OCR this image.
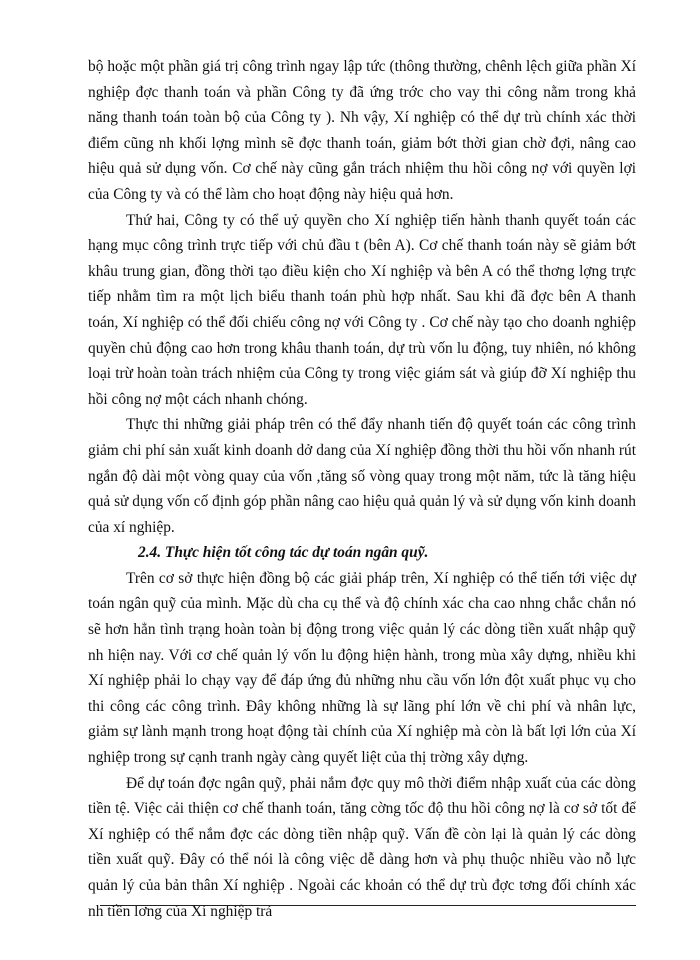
bộ hoặc một phần giá trị công trình ngay lập tức (thông thường, chênh lệch giữa phần Xí nghiệp đợc thanh toán và phần Công ty đã ứng trớc cho vay thi công nằm trong khả năng thanh toán toàn bộ của Công ty ). Nh vậy, Xí nghiệp có thể dự trù chính xác thời điểm cũng nh khối lợng mình sẽ đợc thanh toán, giảm bớt thời gian chờ đợi, nâng cao hiệu quả sử dụng vốn. Cơ chế này cũng gắn trách nhiệm thu hồi công nợ với quyền lợi của Công ty và có thể làm cho hoạt động này hiệu quả hơn.

Thứ hai, Công ty có thể uỷ quyền cho Xí nghiệp tiến hành thanh quyết toán các hạng mục công trình trực tiếp với chủ đầu t (bên A). Cơ chế thanh toán này sẽ giảm bớt khâu trung gian, đồng thời tạo điều kiện cho Xí nghiệp và bên A có thể thơng lợng trực tiếp nhằm tìm ra một lịch biểu thanh toán phù hợp nhất. Sau khi đã đợc bên A thanh toán, Xí nghiệp có thể đối chiếu công nợ với Công ty . Cơ chế này tạo cho doanh nghiệp quyền chủ động cao hơn trong khâu thanh toán, dự trù vốn lu động, tuy nhiên, nó không loại trừ hoàn toàn trách nhiệm của Công ty trong việc giám sát và giúp đỡ Xí nghiệp thu hồi công nợ một cách nhanh chóng.

Thực thi những giải pháp trên có thể đẩy nhanh tiến độ quyết toán các công trình giảm chi phí sản xuất kinh doanh dở dang của Xí nghiệp đồng thời thu hồi vốn nhanh rút ngắn độ dài một vòng quay của vốn ,tăng số vòng quay trong một năm, tức là tăng hiệu quả sử dụng vốn cố định góp phần nâng cao hiệu quả quản lý và sử dụng vốn kinh doanh của xí nghiệp.

2.4. Thực hiện tốt công tác dự toán ngân quỹ.

Trên cơ sở thực hiện đồng bộ các giải pháp trên, Xí nghiệp có thể tiến tới việc dự toán ngân quỹ của mình. Mặc dù cha cụ thể và độ chính xác cha cao nhng chắc chắn nó sẽ hơn hẳn tình trạng hoàn toàn bị động trong việc quản lý các dòng tiền xuất nhập quỹ nh hiện nay. Với cơ chế quản lý vốn lu động hiện hành, trong mùa xây dựng, nhiều khi Xí nghiệp phải lo chạy vạy để đáp ứng đủ những nhu cầu vốn lớn đột xuất phục vụ cho thi công các công trình. Đây không những là sự lãng phí lớn về chi phí và nhân lực, giảm sự lành mạnh trong hoạt động tài chính của Xí nghiệp mà còn là bất lợi lớn của Xí nghiệp trong sự cạnh tranh ngày càng quyết liệt của thị trờng xây dựng.

Để dự toán đợc ngân quỹ, phải nắm đợc quy mô thời điểm nhập xuất của các dòng tiền tệ. Việc cải thiện cơ chế thanh toán, tăng cờng tốc độ thu hồi công nợ là cơ sở tốt để Xí nghiệp có thể nắm đợc các dòng tiền nhập quỹ. Vấn đề còn lại là quản lý các dòng tiền xuất quỹ. Đây có thể nói là công việc dễ dàng hơn và phụ thuộc nhiều vào nỗ lực quản lý của bản thân Xí nghiệp . Ngoài các khoản có thể dự trù đợc tơng đối chính xác nh tiền lơng của Xí nghiệp trả
